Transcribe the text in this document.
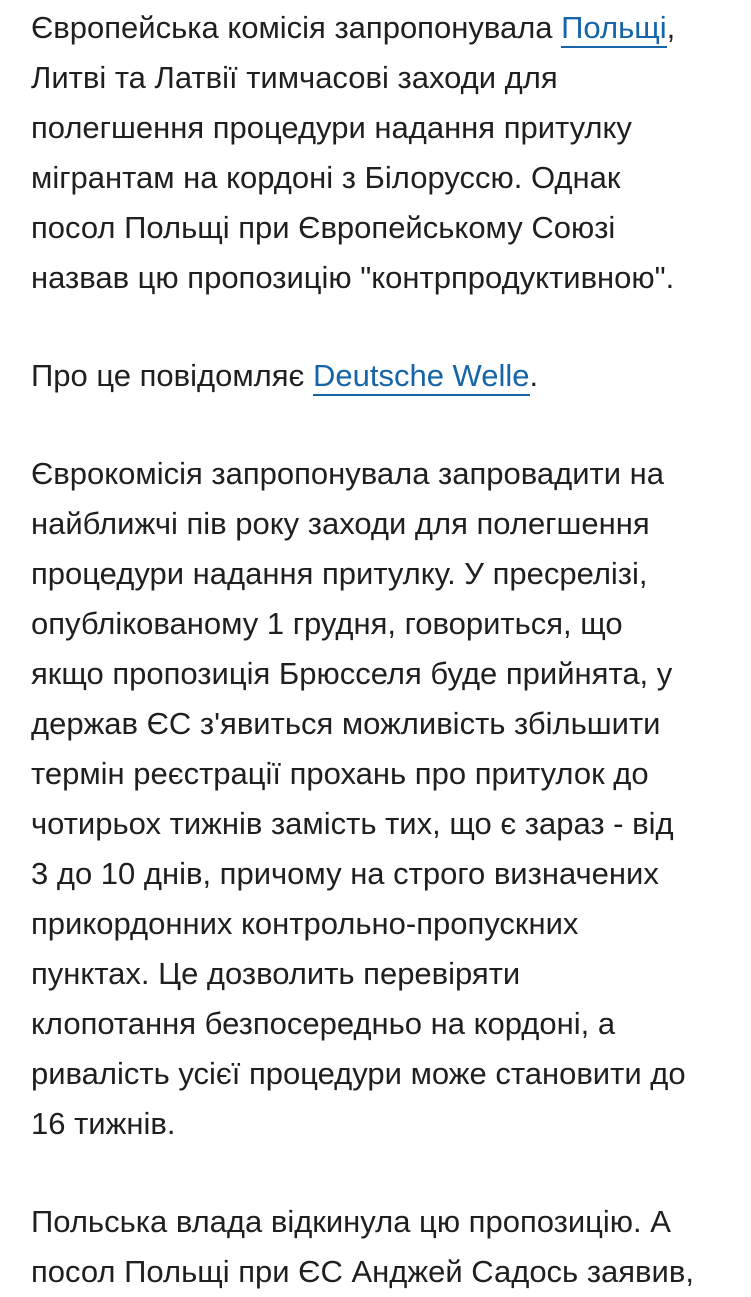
Європейська комісія запропонувала Польщі,
Литві та Латвії тимчасові заходи для
полегшення процедури надання притулку
мігрантам на кордоні з Білоруссю. Однак
посол Польщі при Європейському Союзі
назвав цю пропозицію "контрпродуктивною".

Про це повідомляє Deutsche Welle.

Єврокомісія запропонувала запровадити на
найближчі пів року заходи для полегшення
процедури надання притулку. У пресрелізі,
опублікованому 1 грудня, говориться, що
якщо пропозиція Брюсселя буде прийнята, у
держав ЄС з'явиться можливість збільшити
термін реєстрації прохань про притулок до
чотирьох тижнів замість тих, що є зараз - від
3 до 10 днів, причому на строго визначених
прикордонних контрольно-пропускних
пунктах. Це дозволить перевіряти
клопотання безпосередньо на кордоні, а
ривалість усієї процедури може становити до
16 тижнів.

Польська влада відкинула цю пропозицію. А
посол Польщі при ЄС Анджей Садось заявив,
